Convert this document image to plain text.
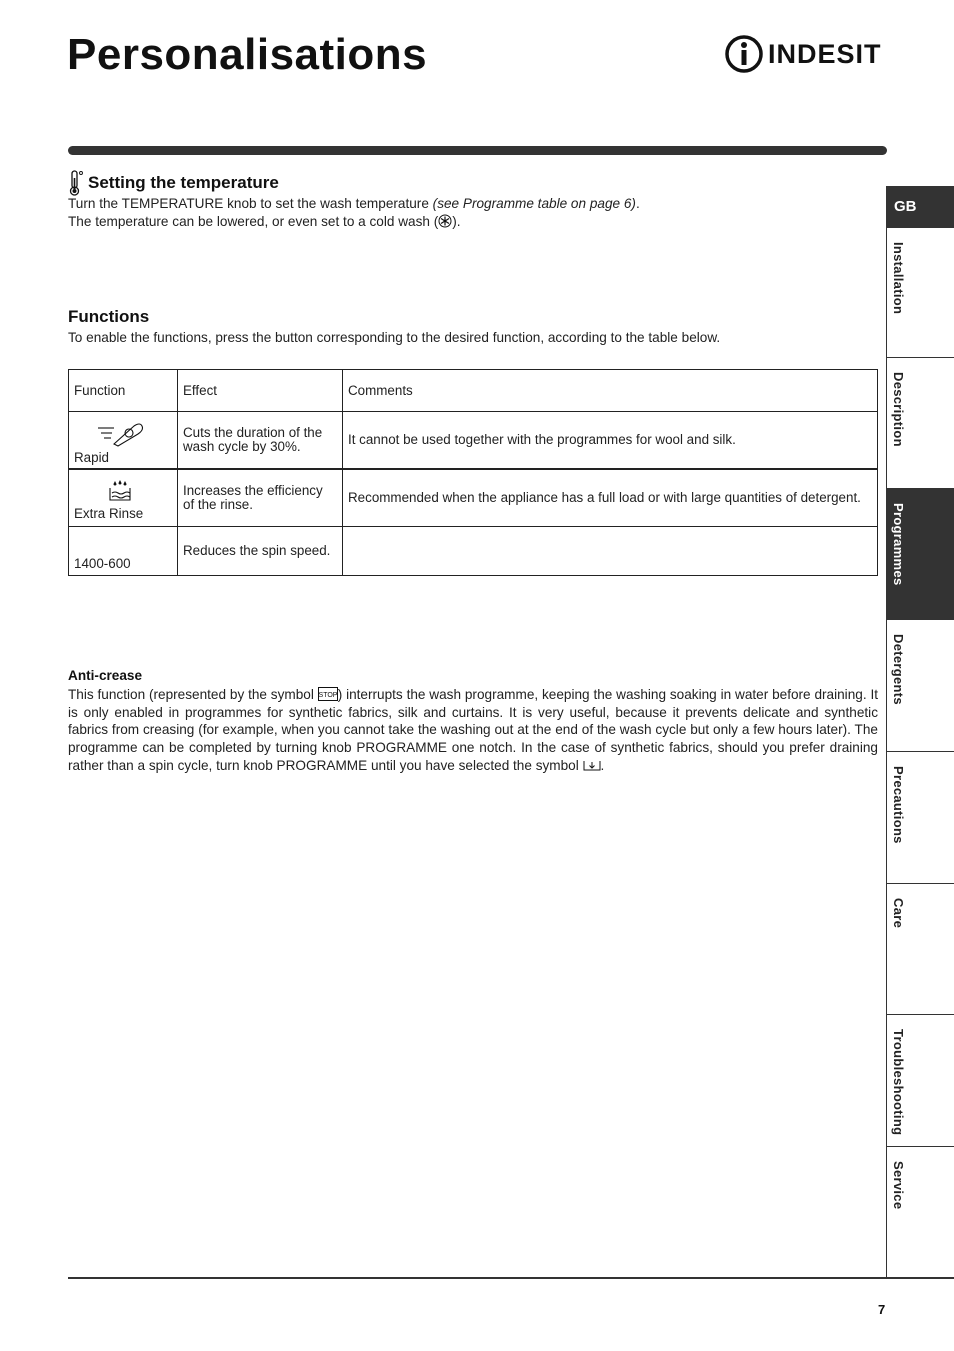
Personalisations	INDESIT
Setting the temperature

Turn the TEMPERATURE knob to set the wash temperature (see Programme table on page 6).

The temperature can be lowered, or even set to a cold wash ( ).

Functions
To enable the functions, press the button corresponding to the desired function, according to the table below.
Function	Effect	Comments

Rapid	Cuts the duration of the wash cycle by 30%.	It cannot be used together with the programmes for wool and silk.

Extra Rinse	Increases the efficiency of the rinse.	Recommended when the appliance has a full load or with large quantities of detergent.

1400-600	Reduces the spin speed.	
Anti-crease
This function (represented by the symbol STOP ) interrupts the wash programme, keeping the washing soaking in water before draining. It is only enabled in programmes for synthetic fabrics, silk and curtains. It is very useful, because it prevents delicate and synthetic fabrics from creasing (for example, when you cannot take the washing out at the end of the wash cycle but only a few hours later). The programme can be completed by turning knob PROGRAMME one notch. In the case of synthetic fabrics, should you prefer draining rather than a spin cycle, turn knob PROGRAMME until you have selected the symbol .
GB
Installation
Description
Programmes
Detergents
Precautions
Care
Troubleshooting
Service
7
